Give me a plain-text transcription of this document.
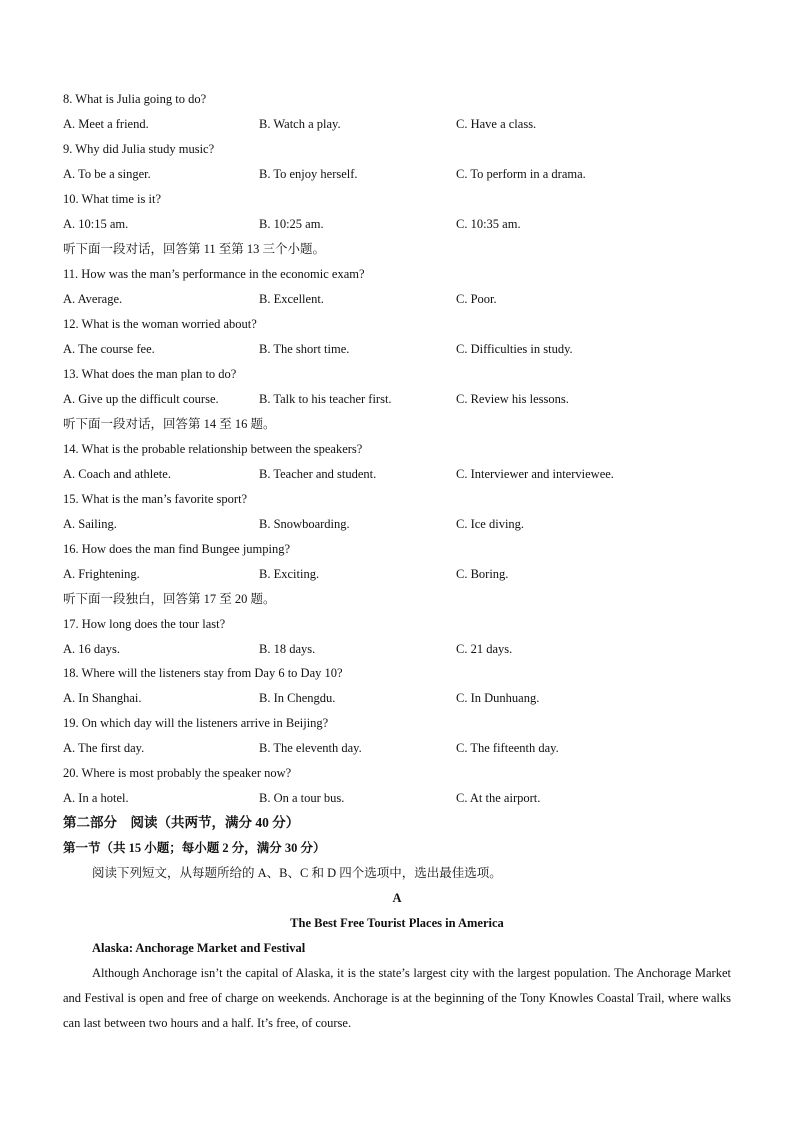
8. What is Julia going to do?
A. Meet a friend.	B. Watch a play.	C. Have a class.
9. Why did Julia study music?
A. To be a singer.	B. To enjoy herself.	C. To perform in a drama.
10. What time is it?
A. 10:15 am.	B. 10:25 am.	C. 10:35 am.
听下面一段对话，回答第 11 至第 13 三个小题。
11. How was the man’s performance in the economic exam?
A. Average.	B. Excellent.	C. Poor.
12. What is the woman worried about?
A. The course fee.	B. The short time.	C. Difficulties in study.
13. What does the man plan to do?
A. Give up the difficult course.	B. Talk to his teacher first.	C. Review his lessons.
听下面一段对话，回答第 14 至 16 题。
14. What is the probable relationship between the speakers?
A. Coach and athlete.	B. Teacher and student.	C. Interviewer and interviewee.
15. What is the man’s favorite sport?
A. Sailing.	B. Snowboarding.	C. Ice diving.
16. How does the man find Bungee jumping?
A. Frightening.	B. Exciting.	C. Boring.
听下面一段独白，回答第 17 至 20 题。
17. How long does the tour last?
A. 16 days.	B. 18 days.	C. 21 days.
18. Where will the listeners stay from Day 6 to Day 10?
A. In Shanghai.	B. In Chengdu.	C. In Dunhuang.
19. On which day will the listeners arrive in Beijing?
A. The first day.	B. The eleventh day.	C. The fifteenth day.
20. Where is most probably the speaker now?
A. In a hotel.	B. On a tour bus.	C. At the airport.
第二部分　阅读（共两节，满分 40 分）
第一节（共 15 小题；每小题 2 分，满分 30 分）
阅读下列短文，从每题所给的 A、B、C 和 D 四个选项中，选出最佳选项。
A
The Best Free Tourist Places in America
Alaska: Anchorage Market and Festival
Although Anchorage isn’t the capital of Alaska, it is the state’s largest city with the largest population. The Anchorage Market and Festival is open and free of charge on weekends. Anchorage is at the beginning of the Tony Knowles Coastal Trail, where walks can last between two hours and a half. It’s free, of course.
